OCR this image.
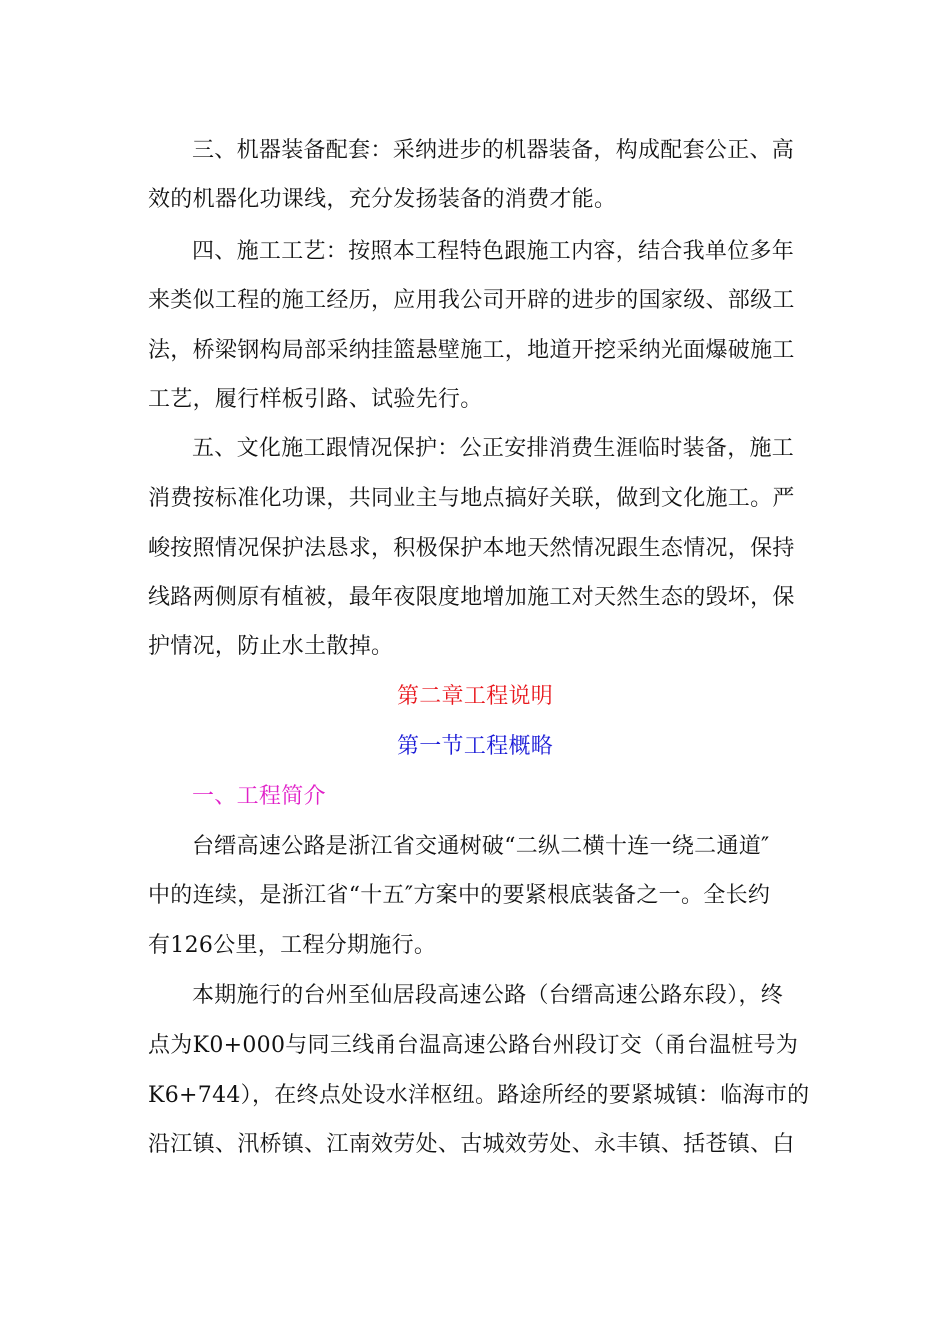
三、机器装备配套：采纳进步的机器装备，构成配套公正、高
效的机器化功课线，充分发扬装备的消费才能。
四、施工工艺：按照本工程特色跟施工内容，结合我单位多年
来类似工程的施工经历，应用我公司开辟的进步的国家级、部级工
法，桥梁钢构局部采纳挂篮悬壁施工，地道开挖采纳光面爆破施工
工艺，履行样板引路、试验先行。
五、文化施工跟情况保护：公正安排消费生涯临时装备，施工
消费按标准化功课，共同业主与地点搞好关联，做到文化施工。严
峻按照情况保护法恳求，积极保护本地天然情况跟生态情况，保持
线路两侧原有植被，最年夜限度地增加施工对天然生态的毁坏，保
护情况，防止水土散掉。
第二章工程说明
第一节工程概略
一、工程简介
台缙高速公路是浙江省交通树破“二纵二横十连一绕二通道″
中的连续，是浙江省“十五″方案中的要紧根底装备之一。全长约
有126公里，工程分期施行。
本期施行的台州至仙居段高速公路（台缙高速公路东段），终
点为K0+000与同三线甬台温高速公路台州段订交（甬台温桩号为
K6+744），在终点处设水洋枢纽。路途所经的要紧城镇：临海市的
沿江镇、汛桥镇、江南效劳处、古城效劳处、永丰镇、括苍镇、白
